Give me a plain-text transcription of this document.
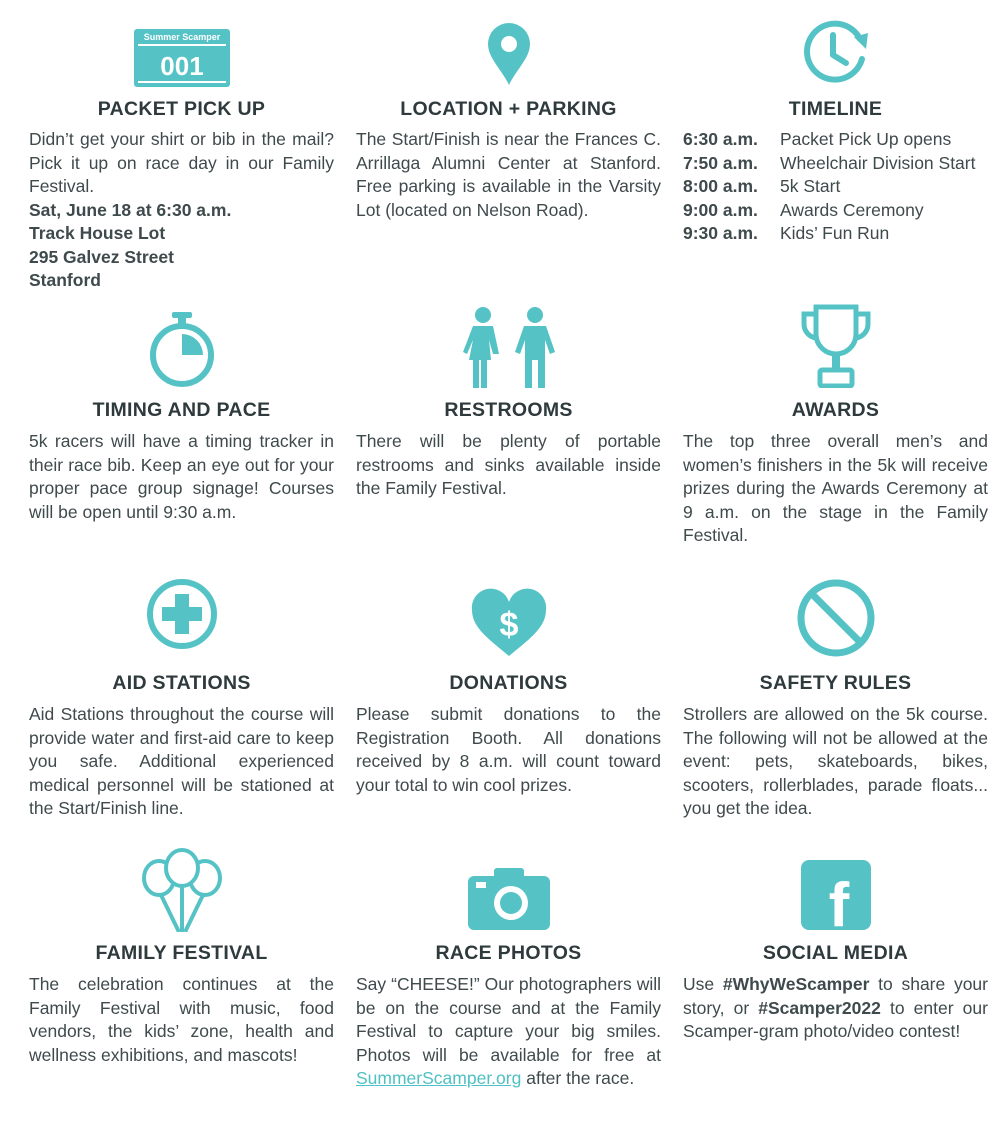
Summer Scamper
001
PACKET PICK UP
Didn’t get your shirt or bib in the mail? Pick it up on race day in our Family Festival.
Sat, June 18 at 6:30 a.m.
Track House Lot
295 Galvez Street
Stanford
LOCATION + PARKING
The Start/Finish is near the Frances C. Arrillaga Alumni Center at Stanford. Free parking is available in the Varsity Lot (located on Nelson Road).
TIMELINE
6:30 a.m.	Packet Pick Up opens
7:50 a.m.	Wheelchair Division Start
8:00 a.m.	5k Start
9:00 a.m.	Awards Ceremony
9:30 a.m.	Kids’ Fun Run
TIMING AND PACE
5k racers will have a timing tracker in their race bib. Keep an eye out for your proper pace group signage! Courses will be open until 9:30 a.m.
RESTROOMS
There will be plenty of portable restrooms and sinks available inside the Family Festival.
AWARDS
The top three overall men’s and women’s finishers in the 5k will receive prizes during the Awards Ceremony at 9 a.m. on the stage in the Family Festival.
AID STATIONS
Aid Stations throughout the course will provide water and first-aid care to keep you safe. Additional experienced medical personnel will be stationed at the Start/Finish line.
$
DONATIONS
Please submit donations to the Registration Booth. All donations received by 8 a.m. will count toward your total to win cool prizes.
SAFETY RULES
Strollers are allowed on the 5k course. The following will not be allowed at the event: pets, skateboards, bikes, scooters, rollerblades, parade floats... you get the idea.
FAMILY FESTIVAL
The celebration continues at the Family Festival with music, food vendors, the kids’ zone, health and wellness exhibitions, and mascots!
RACE PHOTOS
Say “CHEESE!” Our photographers will be on the course and at the Family Festival to capture your big smiles. Photos will be available for free at SummerScamper.org after the race.
f
SOCIAL MEDIA
Use #WhyWeScamper to share your story, or #Scamper2022 to enter our Scamper-gram photo/video contest!
